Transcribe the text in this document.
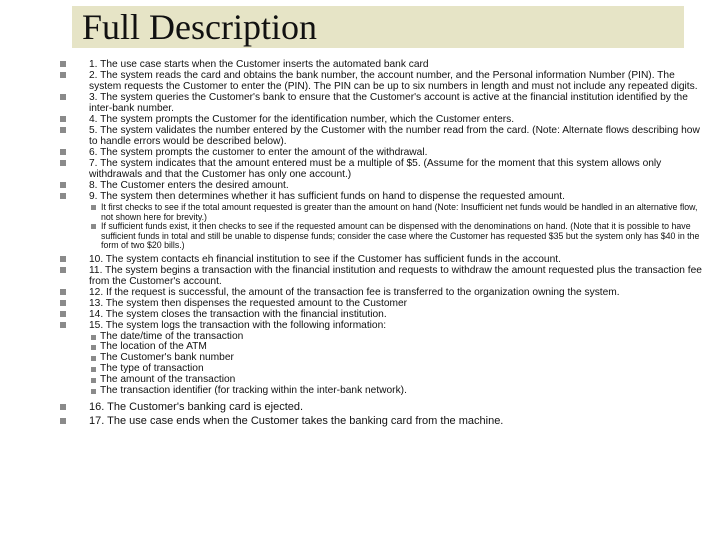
Full Description
1. The use case starts when the Customer inserts the automated bank card
2. The system reads the card and obtains the bank number, the account number, and the Personal information Number (PIN). The system requests the Customer to enter the (PIN). The PIN can be up to six numbers in length and must not include any repeated digits.
3. The system queries the Customer's bank to ensure that the Customer's account is active at the financial institution identified by the inter-bank number.
4. The system prompts the Customer for the identification number, which the Customer enters.
5. The system validates the number entered by the Customer with the number read from the card. (Note: Alternate flows describing how to handle errors would be described below).
6. The system prompts the customer to enter the amount of the withdrawal.
7. The system indicates that the amount entered must be a multiple of $5. (Assume for the moment that this system allows only withdrawals and that the Customer has only one account.)
8. The Customer enters the desired amount.
9. The system then determines whether it has sufficient funds on hand to dispense the requested amount.
It first checks to see if the total amount requested is greater than the amount on hand (Note: Insufficient net funds would be handled in an alternative flow, not shown here for brevity.)
If sufficient funds exist, it then checks to see if the requested amount can be dispensed with the denominations on hand. (Note that it is possible to have sufficient funds in total and still be unable to dispense funds; consider the case where the Customer has requested $35 but the system only has $40 in the form of two $20 bills.)
10. The system contacts eh financial institution to see if the Customer has sufficient funds in the account.
11. The system begins a transaction with the financial institution and requests to withdraw the amount requested plus the transaction fee from the Customer's account.
12. If the request is successful, the amount of the transaction fee is transferred to the organization owning the system.
13. The system then dispenses the requested amount to the Customer
14. The system closes the transaction with the financial institution.
15. The system logs the transaction with the following information:
The date/time of the transaction
The location of the ATM
The Customer's bank number
The type of transaction
The amount of the transaction
The transaction identifier (for tracking within the inter-bank network).
16. The Customer's banking card is ejected.
17. The use case ends when the Customer takes the banking card from the machine.
